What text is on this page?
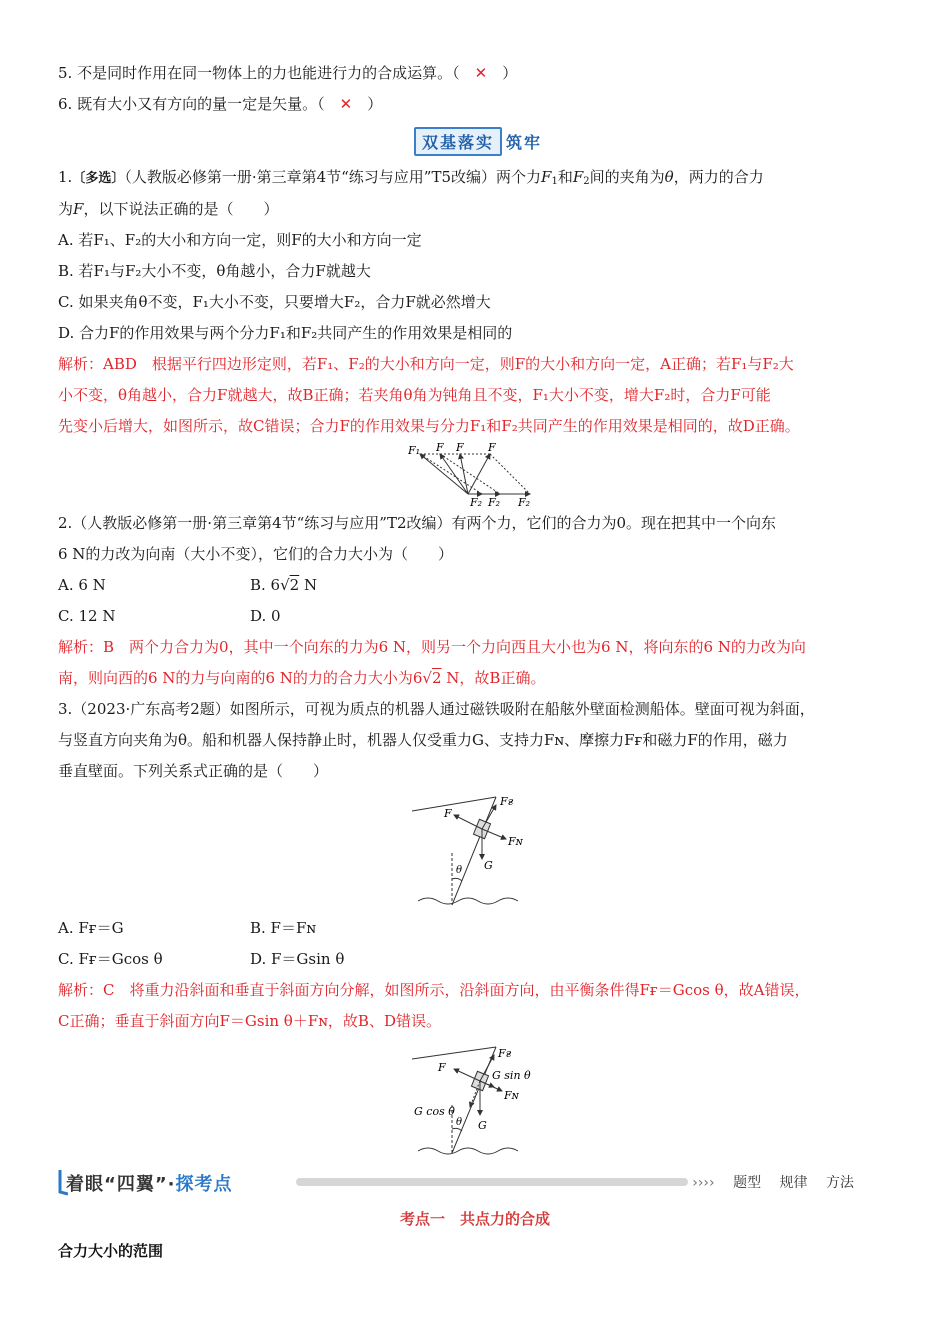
5. 不是同时作用在同一物体上的力也能进行力的合成运算。（　 ✕　 ）
6. 既有大小又有方向的量一定是矢量。（　 ✕　 ）
双基落实 筑牢
1.〔多选〕（人教版必修第一册·第三章第4节“练习与应用”T5改编）两个力$F_1$和$F_2$间的夹角为θ，两力的合力
为F，以下说法正确的是（　　）
A. 若F₁、F₂的大小和方向一定，则F的大小和方向一定
B. 若F₁与F₂大小不变，θ角越小，合力F就越大
C. 如果夹角θ不变，F₁大小不变，只要增大F₂，合力F就必然增大
D. 合力F的作用效果与两个分力F₁和F₂共同产生的作用效果是相同的
解析：ABD　根据平行四边形定则，若F₁、F₂的大小和方向一定，则F的大小和方向一定，A正确；若F₁与F₂大
小不变，θ角越小，合力F就越大，故B正确；若夹角θ角为钝角且不变，F₁大小不变，增大F₂时，合力F可能
先变小后增大，如图所示，故C错误；合力F的作用效果与分力F₁和F₂共同产生的作用效果是相同的，故D正确。
F₁ F F F
F₂ F₂ F₂
2.（人教版必修第一册·第三章第4节“练习与应用”T2改编）有两个力，它们的合力为0。现在把其中一个向东
6 N的力改为向南（大小不变），它们的合力大小为（　　）
A. 6 N	B. 6√2 N
C. 12 N	D. 0
解析：B　两个力合力为0，其中一个向东的力为6 N，则另一个力向西且大小也为6 N，将向东的6 N的力改为向
南，则向西的6 N的力与向南的6 N的力的合力大小为6√2 N，故B正确。
3.（2023·广东高考2题）如图所示，可视为质点的机器人通过磁铁吸附在船舷外壁面检测船体。壁面可视为斜面，
与竖直方向夹角为θ。船和机器人保持静止时，机器人仅受重力G、支持力Fɴ、摩擦力Fғ和磁力F的作用，磁力
垂直壁面。下列关系式正确的是（　　）
Fғ
F
Fɴ
G
θ
A. Fғ＝G	B. F＝Fɴ
C. Fғ＝Gcos θ	D. F＝Gsin θ
解析：C　将重力沿斜面和垂直于斜面方向分解，如图所示，沿斜面方向，由平衡条件得Fғ＝Gcos θ，故A错误，
C正确；垂直于斜面方向F＝Gsin θ＋Fɴ，故B、D错误。
Fғ
F
G sin θ
Fɴ
G cos θ
G
θ
着眼“四翼”·探考点	›››› 题型 规律 方法
考点一　共点力的合成
合力大小的范围
